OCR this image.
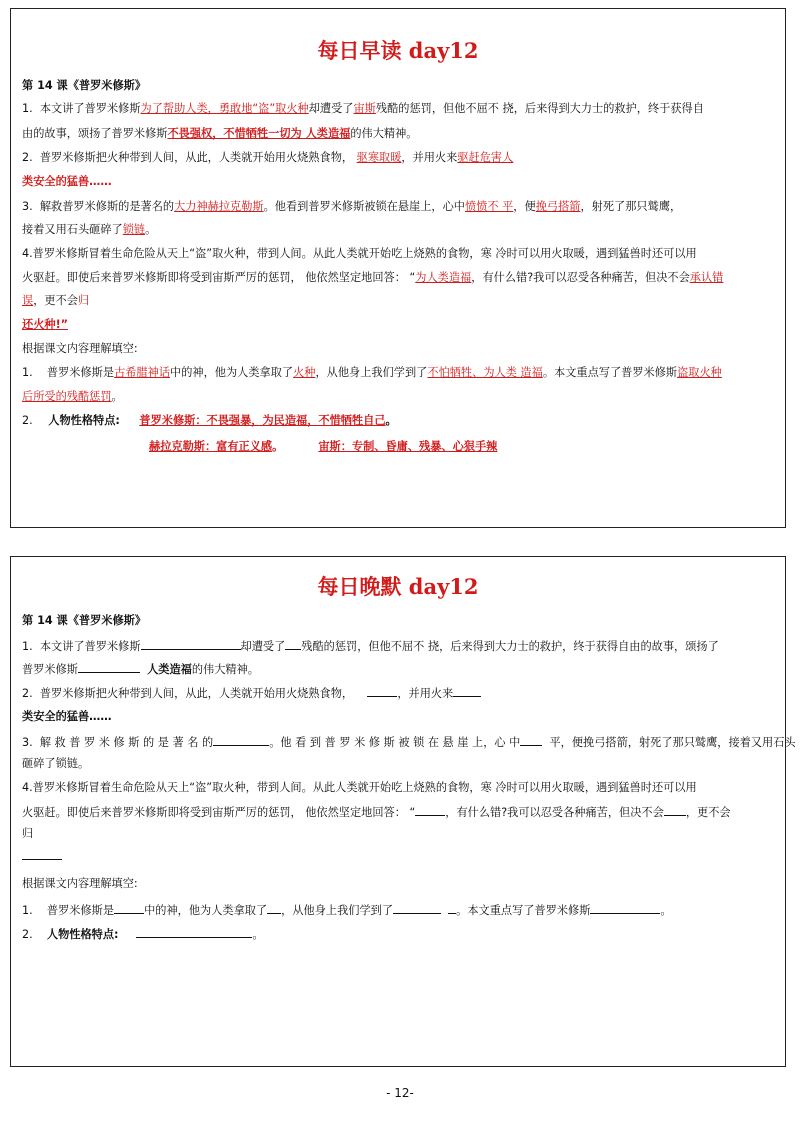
每日早读 day12
第 14 课《普罗米修斯》
1. 本文讲了普罗米修斯为了帮助人类，勇敢地“盗”取火种却遭受了宙斯残酷的惩罚，但他不屈不 挠，后来得到大力士的救护，终于获得自
由的故事，颂扬了普罗米修斯不畏强权，不惜牺牲一切为 人类造福的伟大精神。
2. 普罗米修斯把火种带到人间，从此，人类就开始用火烧熟食物， 驱寒取暖，并用火来驱赶危害人
类安全的猛兽……
3. 解救普罗米修斯的是著名的大力神赫拉克勒斯。他看到普罗米修斯被锁在悬崖上，心中愤愤不 平，便挽弓搭箭，射死了那只鹫鹰，
接着又用石头砸碎了锁链。
4.普罗米修斯冒着生命危险从天上“盗”取火种，带到人间。从此人类就开始吃上烧熟的食物，寒 冷时可以用火取暖，遇到猛兽时还可以用
火驱赶。即使后来普罗米修斯即将受到宙斯严厉的惩罚， 他依然坚定地回答： “为人类造福，有什么错?我可以忍受各种痛苦，但决不会承认错
误，更不会归
还火种!”
根据课文内容理解填空:
1. 普罗米修斯是古希腊神话中的神，他为人类拿取了火种，从他身上我们学到了不怕牺牲、为人类 造福。本文重点写了普罗米修斯盗取火种
后所受的残酷惩罚。
2. 人物性格特点: 普罗米修斯：不畏强暴，为民造福，不惜牺牲自己。
赫拉克勒斯：富有正义感。	宙斯：专制、昏庸、残暴、心狠手辣
每日晚默 day12
第 14 课《普罗米修斯》
1. 本文讲了普罗米修斯	却遭受了 残酷的惩罚，但他不屈不 挠，后来得到大力士的救护，终于获得自由的故事，颂扬了
普罗米修斯	人类造福的伟大精神。
2. 普罗米修斯把火种带到人间，从此，人类就开始用火烧熟食物，	，并用火来
类安全的猛兽……
3. 解 救 普 罗 米 修 斯 的 是 著 名 的	。他 看 到 普 罗 米 修 斯 被 锁 在 悬 崖 上，心 中	平，便挽弓搭箭，射死了那只鹫鹰，接着又用石头
砸碎了锁链。
4.普罗米修斯冒着生命危险从天上“盗”取火种，带到人间。从此人类就开始吃上烧熟的食物，寒 冷时可以用火取暖，遇到猛兽时还可以用
火驱赶。即使后来普罗米修斯即将受到宙斯严厉的惩罚， 他依然坚定地回答： “	，有什么错?我可以忍受各种痛苦，但决不会 ，更不会
归
根据课文内容理解填空:
1. 普罗米修斯是	中的神，他为人类拿取了 ，从他身上我们学到了	。本文重点写了普罗米修斯	。
2. 人物性格特点:	。
- 12-
